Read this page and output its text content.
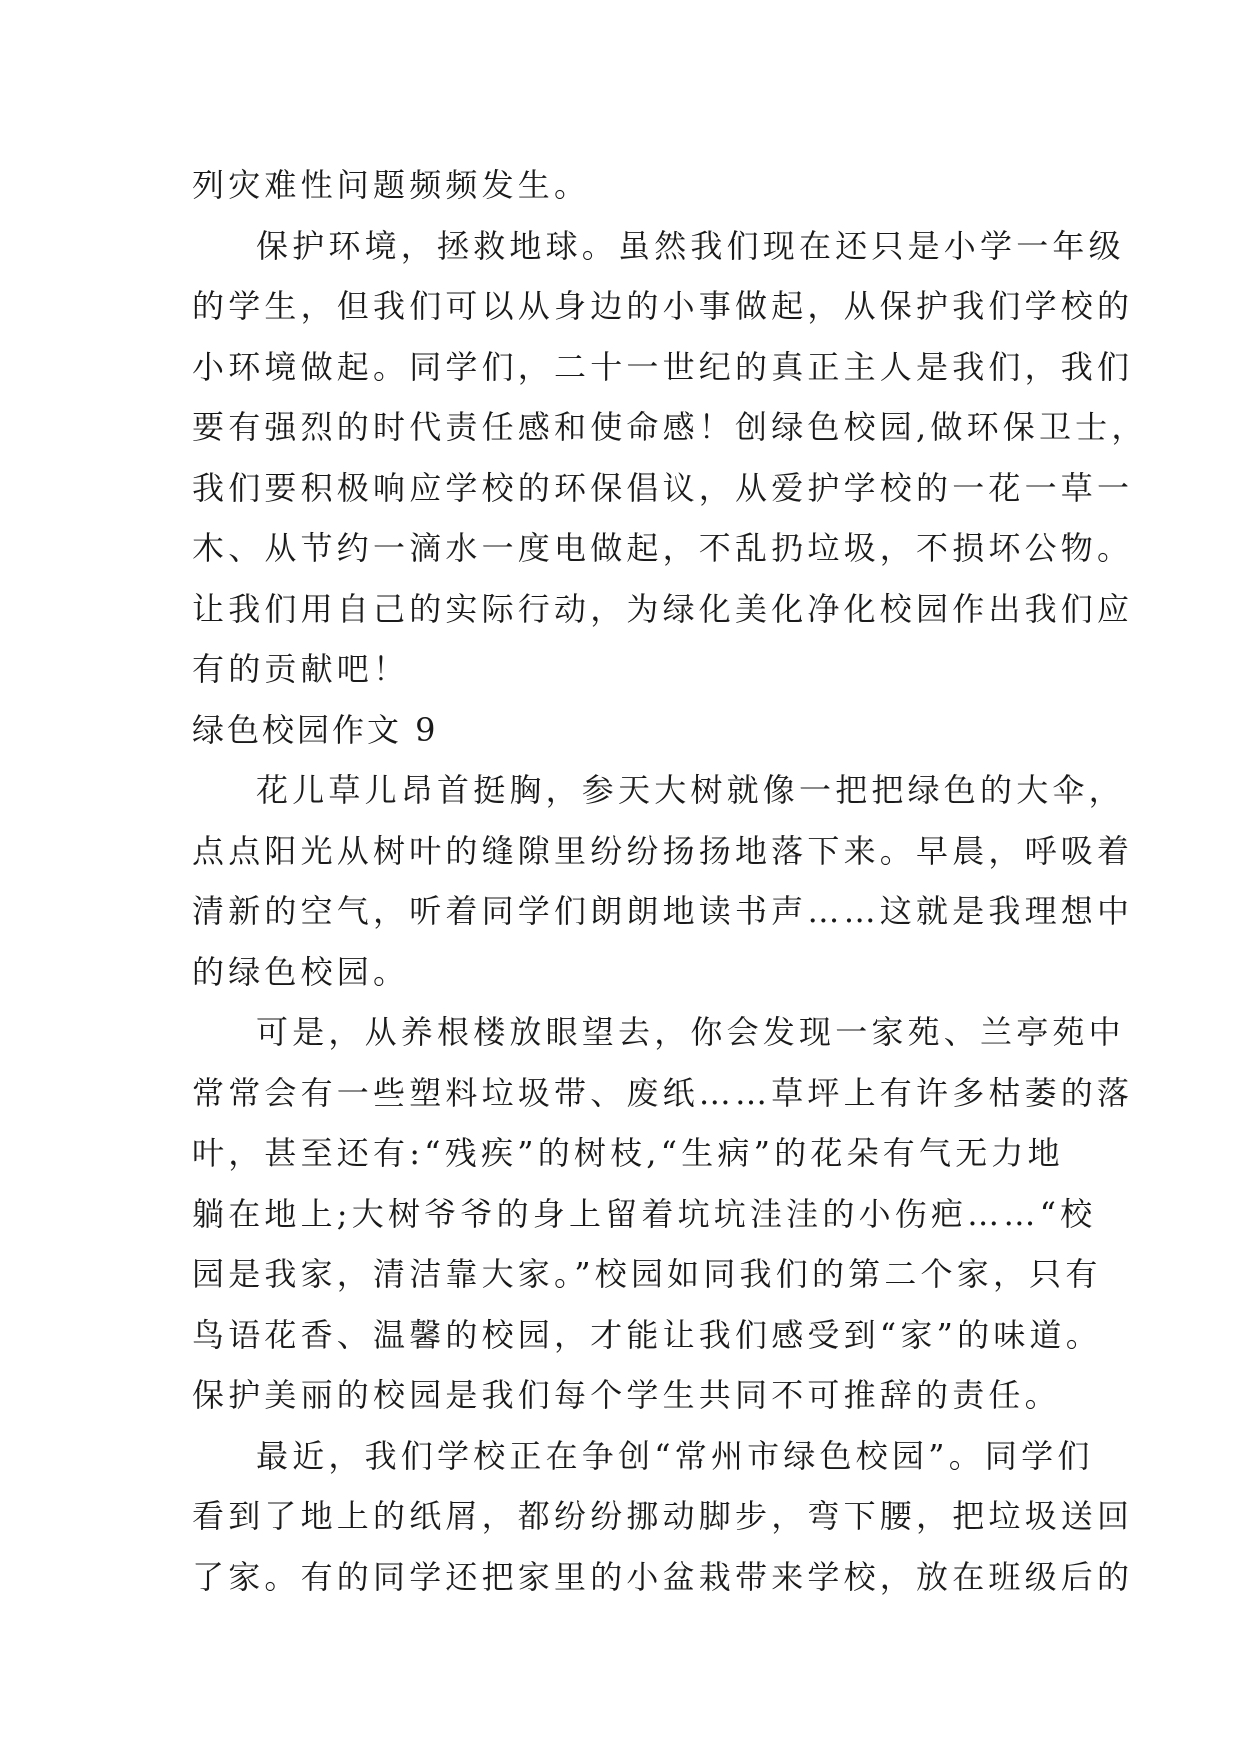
列灾难性问题频频发生。
保护环境，拯救地球。虽然我们现在还只是小学一年级
的学生，但我们可以从身边的小事做起，从保护我们学校的
小环境做起。同学们，二十一世纪的真正主人是我们，我们
要有强烈的时代责任感和使命感！创绿色校园,做环保卫士，
我们要积极响应学校的环保倡议，从爱护学校的一花一草一
木、从节约一滴水一度电做起，不乱扔垃圾，不损坏公物。
让我们用自己的实际行动，为绿化美化净化校园作出我们应
有的贡献吧！
绿色校园作文 9
花儿草儿昂首挺胸，参天大树就像一把把绿色的大伞，
点点阳光从树叶的缝隙里纷纷扬扬地落下来。早晨，呼吸着
清新的空气，听着同学们朗朗地读书声……这就是我理想中
的绿色校园。
可是，从养根楼放眼望去，你会发现一家苑、兰亭苑中
常常会有一些塑料垃圾带、废纸……草坪上有许多枯萎的落
叶，甚至还有:“残疾”的树枝,“生病”的花朵有气无力地
躺在地上;大树爷爷的身上留着坑坑洼洼的小伤疤……“校
园是我家，清洁靠大家。”校园如同我们的第二个家，只有
鸟语花香、温馨的校园，才能让我们感受到“家”的味道。
保护美丽的校园是我们每个学生共同不可推辞的责任。
最近，我们学校正在争创“常州市绿色校园”。同学们
看到了地上的纸屑，都纷纷挪动脚步，弯下腰，把垃圾送回
了家。有的同学还把家里的小盆栽带来学校，放在班级后的
